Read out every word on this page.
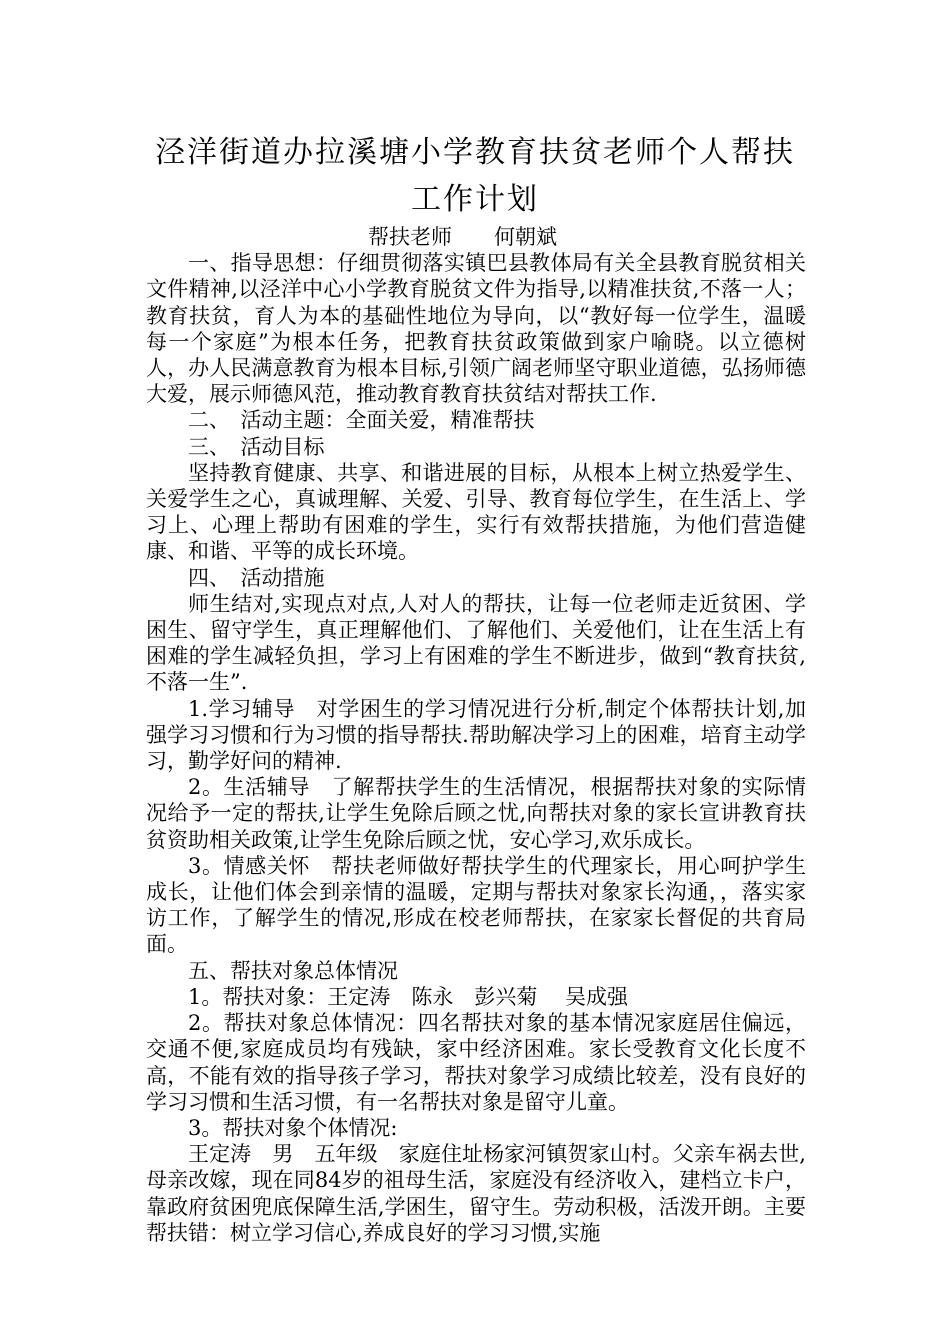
泾洋街道办拉溪塘小学教育扶贫老师个人帮扶
工作计划

帮扶老师　　何朝斌

一、指导思想：仔细贯彻落实镇巴县教体局有关全县教育脱贫相关文件精神,以泾洋中心小学教育脱贫文件为指导,以精准扶贫,不落一人；教育扶贫，育人为本的基础性地位为导向，以“教好每一位学生，温暖每一个家庭”为根本任务，把教育扶贫政策做到家户喻晓。以立德树人，办人民满意教育为根本目标,引领广阔老师坚守职业道德，弘扬师德大爱，展示师德风范，推动教育教育扶贫结对帮扶工作.

二、　活动主题：全面关爱，精准帮扶

三、　活动目标

坚持教育健康、共享、和谐进展的目标，从根本上树立热爱学生、关爱学生之心，真诚理解、关爱、引导、教育每位学生，在生活上、学习上、心理上帮助有困难的学生，实行有效帮扶措施，为他们营造健康、和谐、平等的成长环境。

四、　活动措施

师生结对,实现点对点,人对人的帮扶，让每一位老师走近贫困、学困生、留守学生，真正理解他们、了解他们、关爱他们，让在生活上有困难的学生减轻负担，学习上有困难的学生不断进步，做到“教育扶贫,不落一生”.

1.学习辅导　对学困生的学习情况进行分析,制定个体帮扶计划,加强学习习惯和行为习惯的指导帮扶.帮助解决学习上的困难，培育主动学习，勤学好问的精神.

2。生活辅导　了解帮扶学生的生活情况，根据帮扶对象的实际情况给予一定的帮扶,让学生免除后顾之忧,向帮扶对象的家长宣讲教育扶贫资助相关政策,让学生免除后顾之忧，安心学习,欢乐成长。

3。情感关怀　帮扶老师做好帮扶学生的代理家长，用心呵护学生成长，让他们体会到亲情的温暖，定期与帮扶对象家长沟通，，落实家访工作，了解学生的情况,形成在校老师帮扶，在家家长督促的共育局面。

五、帮扶对象总体情况

1。帮扶对象：王定涛　陈永　彭兴菊　 吴成强

2。帮扶对象总体情况：四名帮扶对象的基本情况家庭居住偏远，交通不便,家庭成员均有残缺，家中经济困难。家长受教育文化长度不高，不能有效的指导孩子学习，帮扶对象学习成绩比较差，没有良好的学习习惯和生活习惯，有一名帮扶对象是留守儿童。

3。帮扶对象个体情况:

王定涛　男　五年级　家庭住址杨家河镇贺家山村。父亲车祸去世,母亲改嫁，现在同84岁的祖母生活，家庭没有经济收入，建档立卡户，靠政府贫困兜底保障生活,学困生，留守生。劳动积极，活泼开朗。主要帮扶错：树立学习信心,养成良好的学习习惯,实施
